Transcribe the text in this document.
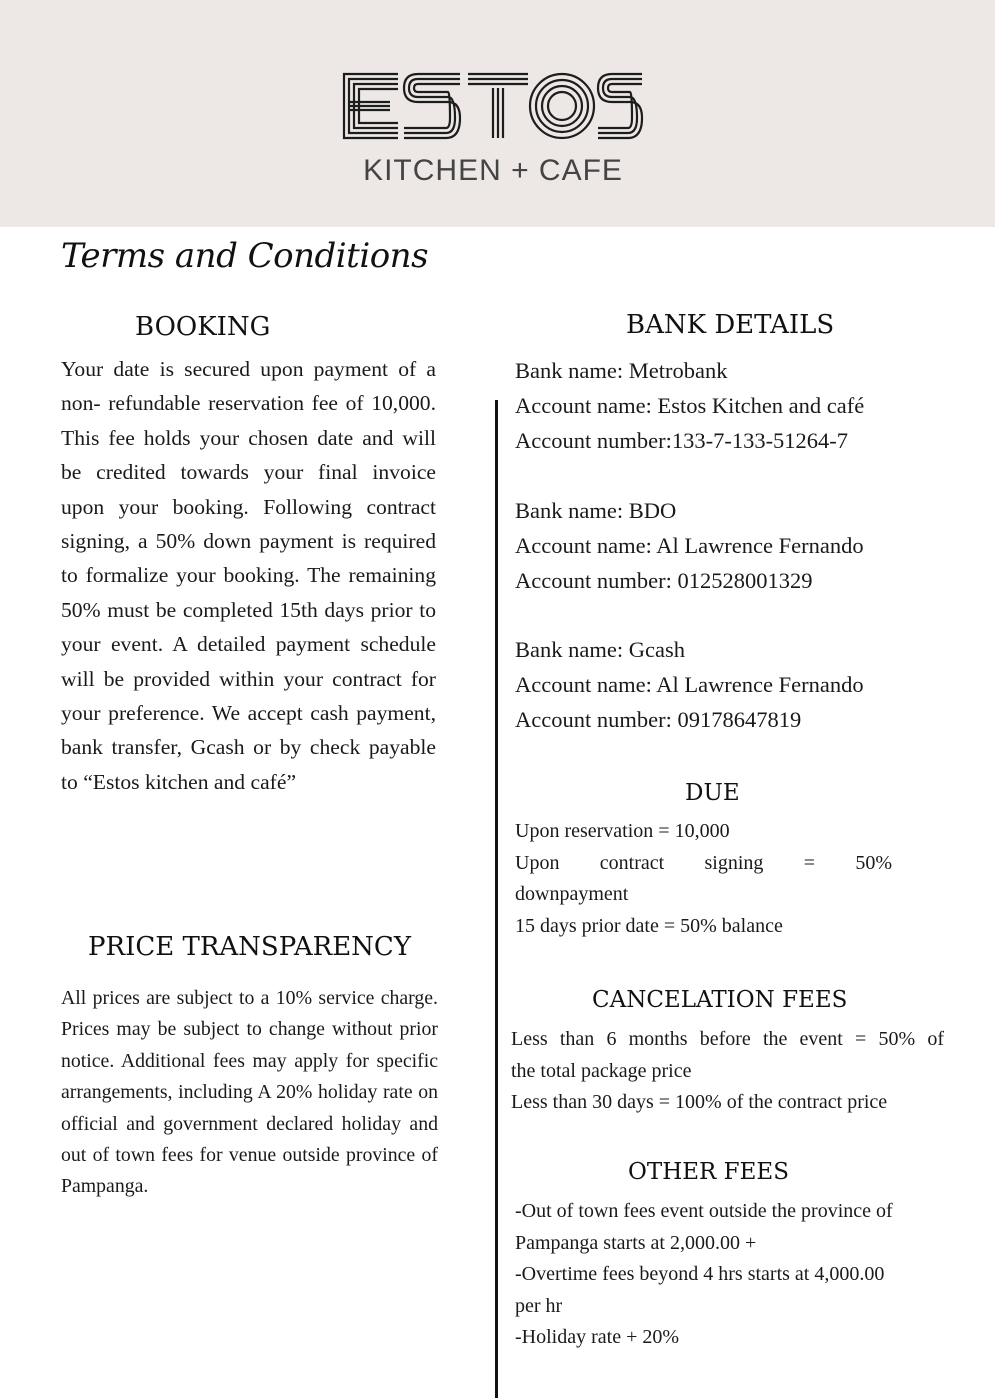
KITCHEN + CAFE
Terms and Conditions
BOOKING

Your date is secured upon payment of a non- refundable reservation fee of 10,000. This fee holds your chosen date and will be credited towards your final invoice upon your booking. Following contract signing, a 50% down payment is required to formalize your booking. The remaining 50% must be completed 15th days prior to your event. A detailed payment schedule will be provided within your contract for your preference. We accept cash payment, bank transfer, Gcash or by check payable to “Estos kitchen and café”

PRICE TRANSPARENCY

All prices are subject to a 10% service charge. Prices may be subject to change without prior notice. Additional fees may apply for specific arrangements, including A 20% holiday rate on official and government declared holiday and out of town fees for venue outside province of Pampanga.

BANK DETAILS
Bank name: Metrobank
Account name: Estos Kitchen and café
Account number:133-7-133-51264-7
Bank name: BDO
Account name: Al Lawrence Fernando
Account number: 012528001329
Bank name: Gcash
Account name: Al Lawrence Fernando
Account number: 09178647819
DUE
Upon reservation = 10,000
Upon contract signing = 50%
downpayment
15 days prior date = 50% balance
CANCELATION FEES
Less than 6 months before the event = 50% of
the total package price
Less than 30 days = 100% of the contract price
OTHER FEES
-Out of town fees event outside the province of
Pampanga starts at 2,000.00 +
-Overtime fees beyond 4 hrs starts at 4,000.00
per hr
-Holiday rate + 20%
